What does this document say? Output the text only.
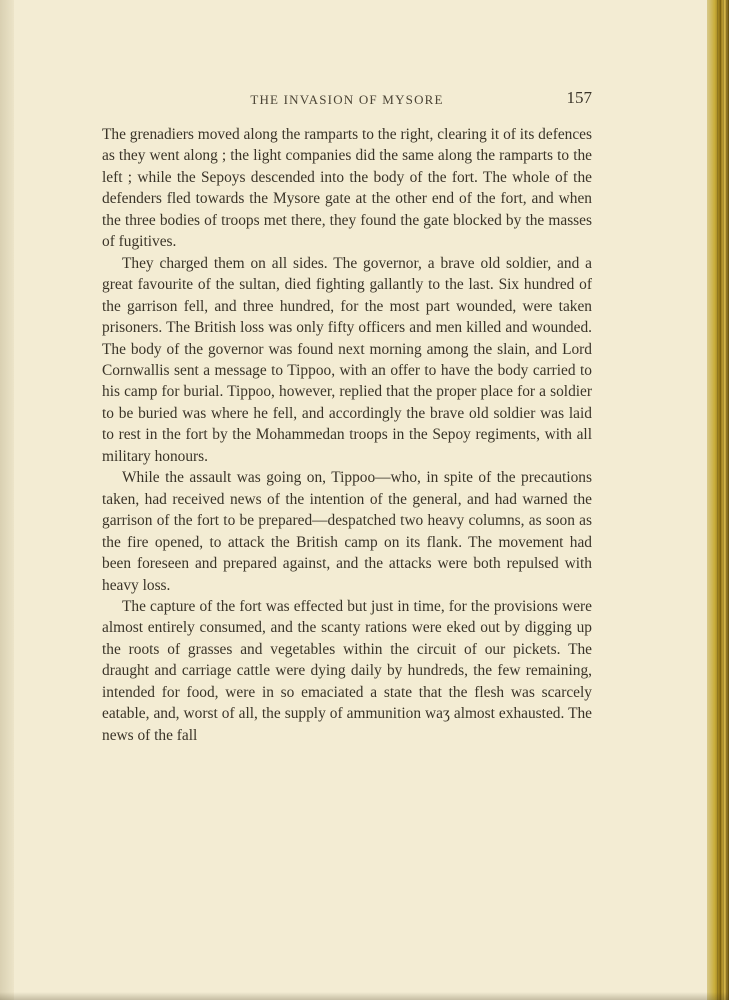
THE INVASION OF MYSORE	157

The grenadiers moved along the ramparts to the right, clearing it of its defences as they went along ; the light companies did the same along the ramparts to the left ; while the Sepoys descended into the body of the fort. The whole of the defenders fled towards the Mysore gate at the other end of the fort, and when the three bodies of troops met there, they found the gate blocked by the masses of fugitives.

They charged them on all sides. The governor, a brave old soldier, and a great favourite of the sultan, died fighting gallantly to the last. Six hundred of the garrison fell, and three hundred, for the most part wounded, were taken prisoners. The British loss was only fifty officers and men killed and wounded. The body of the governor was found next morning among the slain, and Lord Cornwallis sent a message to Tippoo, with an offer to have the body carried to his camp for burial. Tippoo, however, replied that the proper place for a soldier to be buried was where he fell, and accordingly the brave old soldier was laid to rest in the fort by the Mohammedan troops in the Sepoy regiments, with all military honours.

While the assault was going on, Tippoo—who, in spite of the precautions taken, had received news of the intention of the general, and had warned the garrison of the fort to be prepared—despatched two heavy columns, as soon as the fire opened, to attack the British camp on its flank. The movement had been foreseen and prepared against, and the attacks were both repulsed with heavy loss.

The capture of the fort was effected but just in time, for the provisions were almost entirely consumed, and the scanty rations were eked out by digging up the roots of grasses and vegetables within the circuit of our pickets. The draught and carriage cattle were dying daily by hundreds, the few remaining, intended for food, were in so emaciated a state that the flesh was scarcely eatable, and, worst of all, the supply of ammunition waʒ almost exhausted. The news of the fall
